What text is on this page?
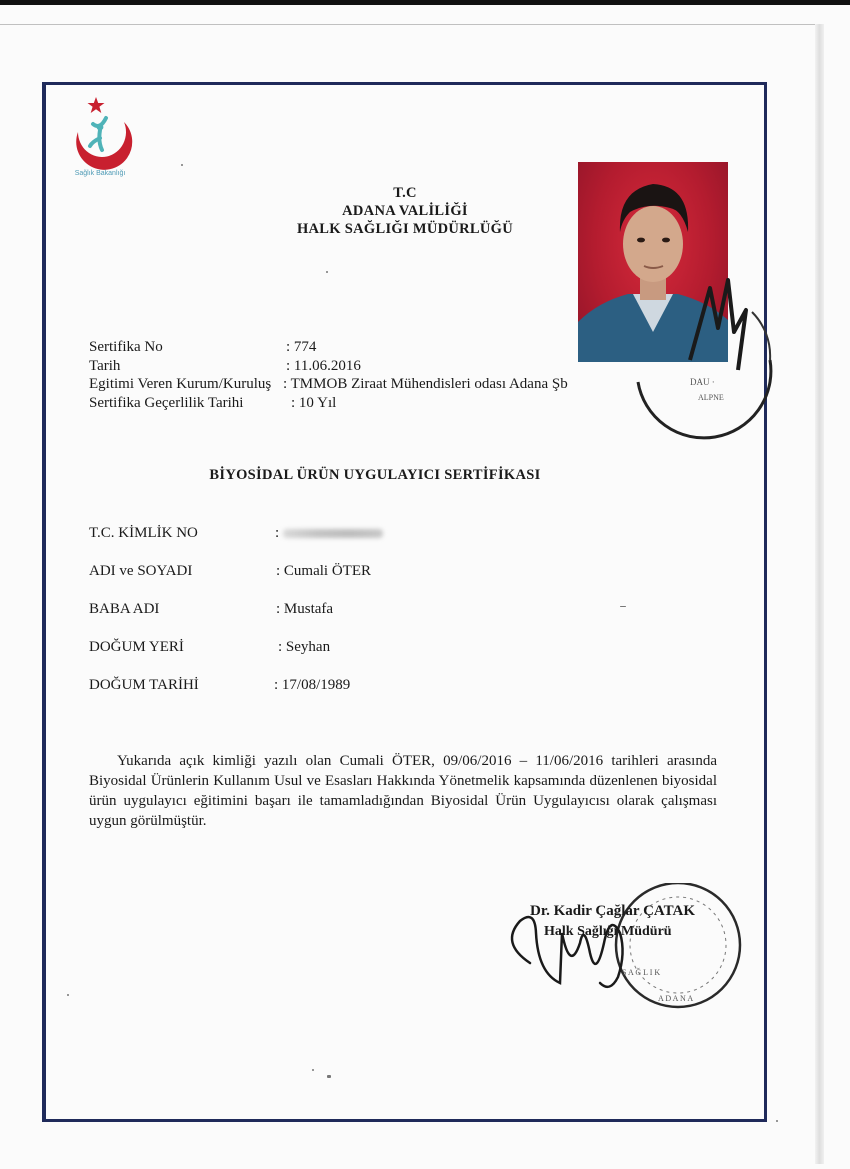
Sağlık Bakanlığı
T.C
ADANA VALİLİĞİ
HALK SAĞLIĞI MÜDÜRLÜĞÜ
DAU ·
ALPNE
Sertifika No	: 774
Tarih	: 11.06.2016
Egitimi Veren Kurum/Kuruluş : TMMOB Ziraat Mühendisleri odası Adana Şb
Sertifika Geçerlilik Tarihi	: 10 Yıl
BİYOSİDAL ÜRÜN UYGULAYICI SERTİFİKASI
T.C. KİMLİK NO	:
ADI ve SOYADI	: Cumali ÖTER
BABA ADI	: Mustafa
DOĞUM YERİ	: Seyhan
DOĞUM TARİHİ	: 17/08/1989
Yukarıda açık kimliği yazılı olan Cumali ÖTER, 09/06/2016 – 11/06/2016 tarihleri arasında Biyosidal Ürünlerin Kullanım Usul ve Esasları Hakkında Yönetmelik kapsamında düzenlenen biyosidal ürün uygulayıcı eğitimini başarı ile tamamladığından Biyosidal Ürün Uygulayıcısı olarak çalışması uygun görülmüştür.
S A Ğ L I K
A D A N A
Dr. Kadir Çağlar ÇATAK
Halk Sağlığı Müdürü
